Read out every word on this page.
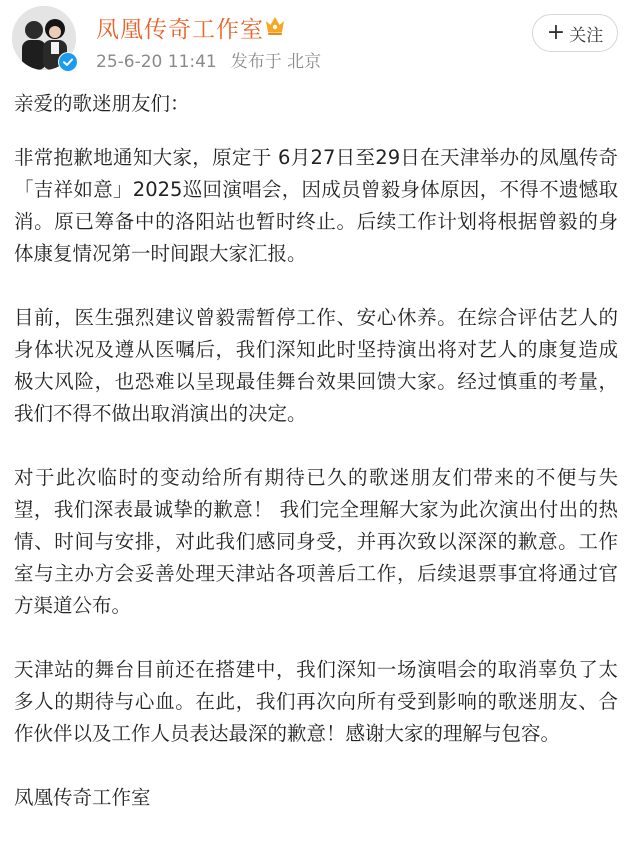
凤凰传奇工作室
25-6-20 11:41 发布于 北京
+ 关注

亲爱的歌迷朋友们：

非常抱歉地通知大家，原定于 6月27日至29日在天津举办的凤凰传奇「吉祥如意」2025巡回演唱会，因成员曾毅身体原因，不得不遗憾取消。原已筹备中的洛阳站也暂时终止。后续工作计划将根据曾毅的身体康复情况第一时间跟大家汇报。

目前，医生强烈建议曾毅需暂停工作、安心休养。在综合评估艺人的身体状况及遵从医嘱后，我们深知此时坚持演出将对艺人的康复造成极大风险，也恐难以呈现最佳舞台效果回馈大家。经过慎重的考量，我们不得不做出取消演出的决定。

对于此次临时的变动给所有期待已久的歌迷朋友们带来的不便与失望，我们深表最诚挚的歉意！ 我们完全理解大家为此次演出付出的热情、时间与安排，对此我们感同身受，并再次致以深深的歉意。工作室与主办方会妥善处理天津站各项善后工作，后续退票事宜将通过官方渠道公布。

天津站的舞台目前还在搭建中，我们深知一场演唱会的取消辜负了太多人的期待与心血。在此，我们再次向所有受到影响的歌迷朋友、合作伙伴以及工作人员表达最深的歉意！感谢大家的理解与包容。

凤凰传奇工作室
